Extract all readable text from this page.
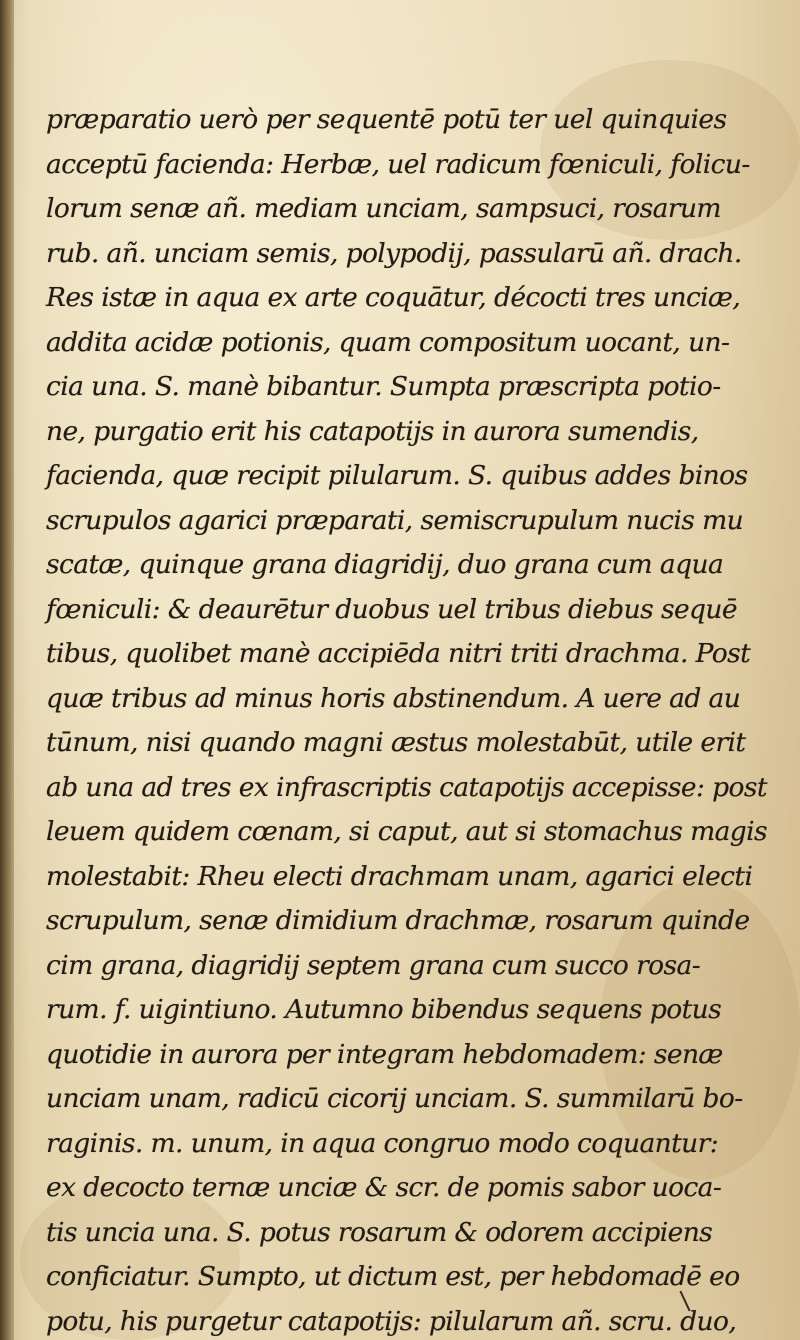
præparatio uerò per sequentē potū ter uel quinquies
acceptū facienda: Herbæ, uel radicum fœniculi, folicu-
lorum senæ añ. mediam unciam, sampsuci, rosarum
rub. añ. unciam semis, polypodij, passularū añ. drach.
Res istæ in aqua ex arte coquātur, décocti tres unciæ,
addita acidæ potionis, quam compositum uocant, un-
cia una. S. manè bibantur. Sumpta præscripta potio-
ne, purgatio erit his catapotijs in aurora sumendis,
facienda, quæ recipit pilularum. S. quibus addes binos
scrupulos agarici præparati, semiscrupulum nucis mu
scatæ, quinque grana diagridij, duo grana cum aqua
fœniculi: & deaurētur duobus uel tribus diebus sequē
tibus, quolibet manè accipiēda nitri triti drachma. Post
quæ tribus ad minus horis abstinendum. A uere ad au
tūnum, nisi quando magni æstus molestabūt, utile erit
ab una ad tres ex infrascriptis catapotijs accepisse: post
leuem quidem cœnam, si caput, aut si stomachus magis
molestabit: Rheu electi drachmam unam, agarici electi
scrupulum, senæ dimidium drachmæ, rosarum quinde
cim grana, diagridij septem grana cum succo rosa-
rum. f. uigintiuno. Autumno bibendus sequens potus
quotidie in aurora per integram hebdomadem: senæ
unciam unam, radicū cicorij unciam. S. summilarū bo-
raginis. m. unum, in aqua congruo modo coquantur:
ex decocto ternæ unciæ & scr. de pomis sabor uoca-
tis uncia una. S. potus rosarum & odorem accipiens
conficiatur. Sumpto, ut dictum est, per hebdomadē eo
potu, his purgetur catapotijs: pilularum añ. scru. duo,
